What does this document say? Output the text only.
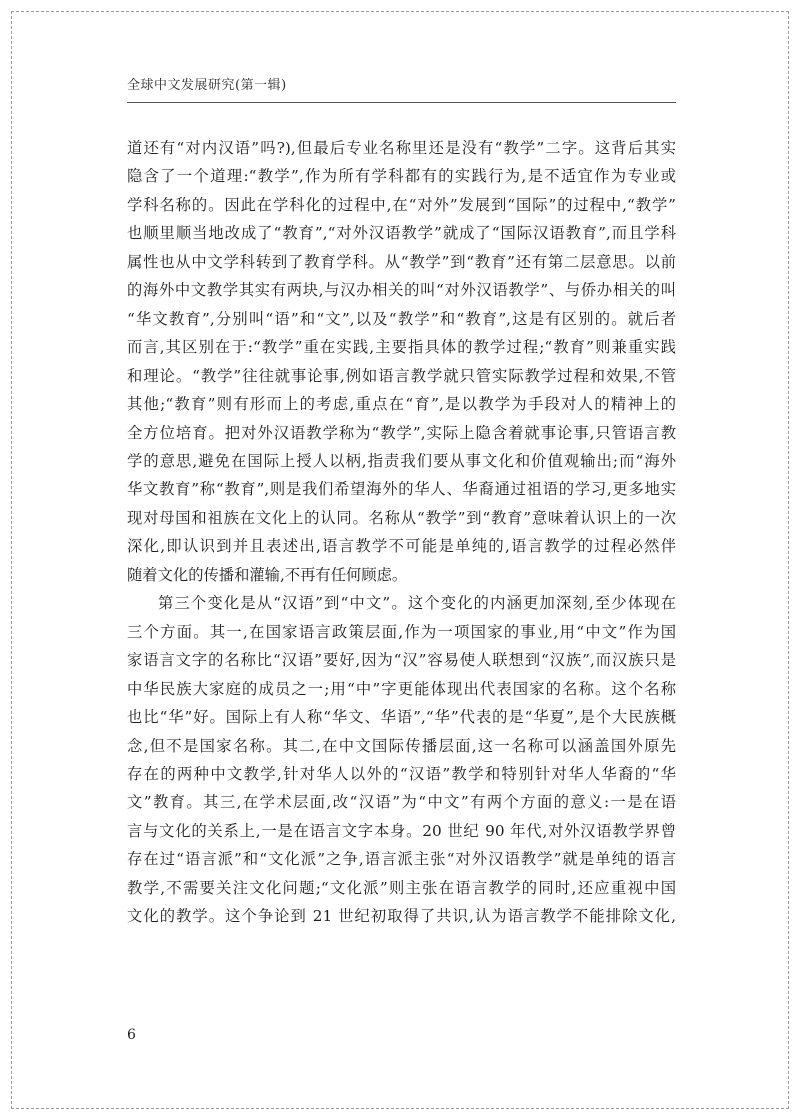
全球中文发展研究(第一辑)

道还有“对内汉语”吗?),但最后专业名称里还是没有“教学”二字。这背后其实

隐含了一个道理:“教学”,作为所有学科都有的实践行为,是不适宜作为专业或

学科名称的。因此在学科化的过程中,在“对外”发展到“国际”的过程中,“教学”

也顺里顺当地改成了“教育”,“对外汉语教学”就成了“国际汉语教育”,而且学科

属性也从中文学科转到了教育学科。从“教学”到“教育”还有第二层意思。以前

的海外中文教学其实有两块,与汉办相关的叫“对外汉语教学”、与侨办相关的叫

“华文教育”,分别叫“语”和“文”,以及“教学”和“教育”,这是有区别的。就后者

而言,其区别在于:“教学”重在实践,主要指具体的教学过程;“教育”则兼重实践

和理论。“教学”往往就事论事,例如语言教学就只管实际教学过程和效果,不管

其他;“教育”则有形而上的考虑,重点在“育”,是以教学为手段对人的精神上的

全方位培育。把对外汉语教学称为“教学”,实际上隐含着就事论事,只管语言教

学的意思,避免在国际上授人以柄,指责我们要从事文化和价值观输出;而“海外

华文教育”称“教育”,则是我们希望海外的华人、华裔通过祖语的学习,更多地实

现对母国和祖族在文化上的认同。名称从“教学”到“教育”意味着认识上的一次

深化,即认识到并且表述出,语言教学不可能是单纯的,语言教学的过程必然伴

随着文化的传播和灌输,不再有任何顾虑。

第三个变化是从“汉语”到“中文”。这个变化的内涵更加深刻,至少体现在

三个方面。其一,在国家语言政策层面,作为一项国家的事业,用“中文”作为国

家语言文字的名称比“汉语”要好,因为“汉”容易使人联想到“汉族”,而汉族只是

中华民族大家庭的成员之一;用“中”字更能体现出代表国家的名称。这个名称

也比“华”好。国际上有人称“华文、华语”,“华”代表的是“华夏”,是个大民族概

念,但不是国家名称。其二,在中文国际传播层面,这一名称可以涵盖国外原先

存在的两种中文教学,针对华人以外的“汉语”教学和特别针对华人华裔的“华

文”教育。其三,在学术层面,改“汉语”为“中文”有两个方面的意义:一是在语

言与文化的关系上,一是在语言文字本身。20 世纪 90 年代,对外汉语教学界曾

存在过“语言派”和“文化派”之争,语言派主张“对外汉语教学”就是单纯的语言

教学,不需要关注文化问题;“文化派”则主张在语言教学的同时,还应重视中国

文化的教学。这个争论到 21 世纪初取得了共识,认为语言教学不能排除文化,

6
